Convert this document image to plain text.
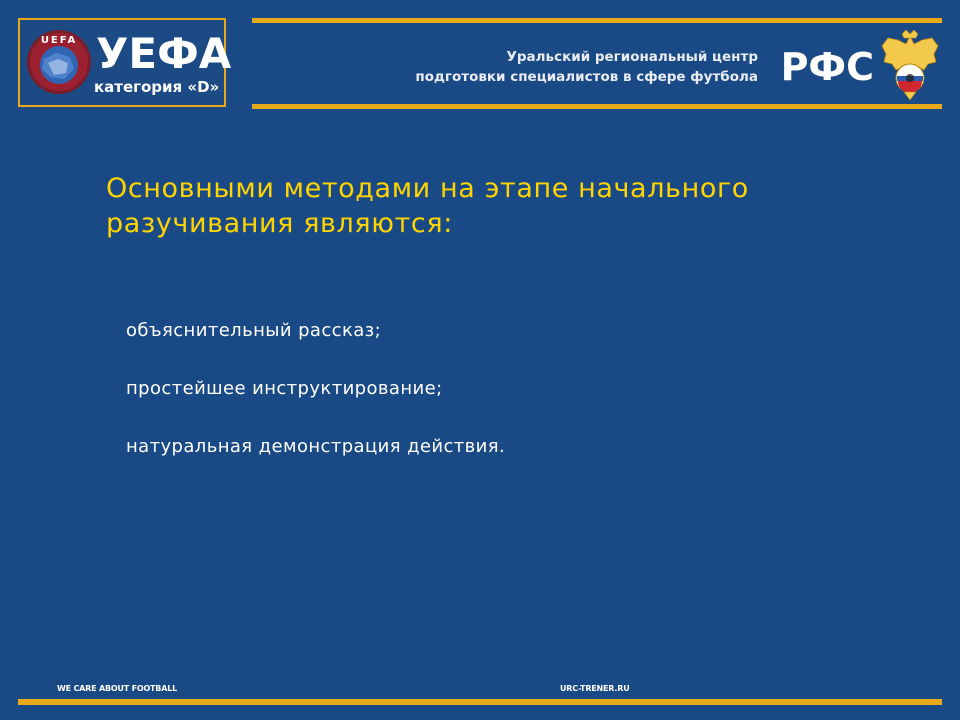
UEFA УЕФА
категория «D»
Уральский региональный центр
подготовки специалистов в сфере футбола РФС
Основными методами на этапе начального разучивания являются:
объяснительный рассказ;
простейшее инструктирование;
натуральная демонстрация действия.
WE CARE ABOUT FOOTBALL	URC-TRENER.RU
